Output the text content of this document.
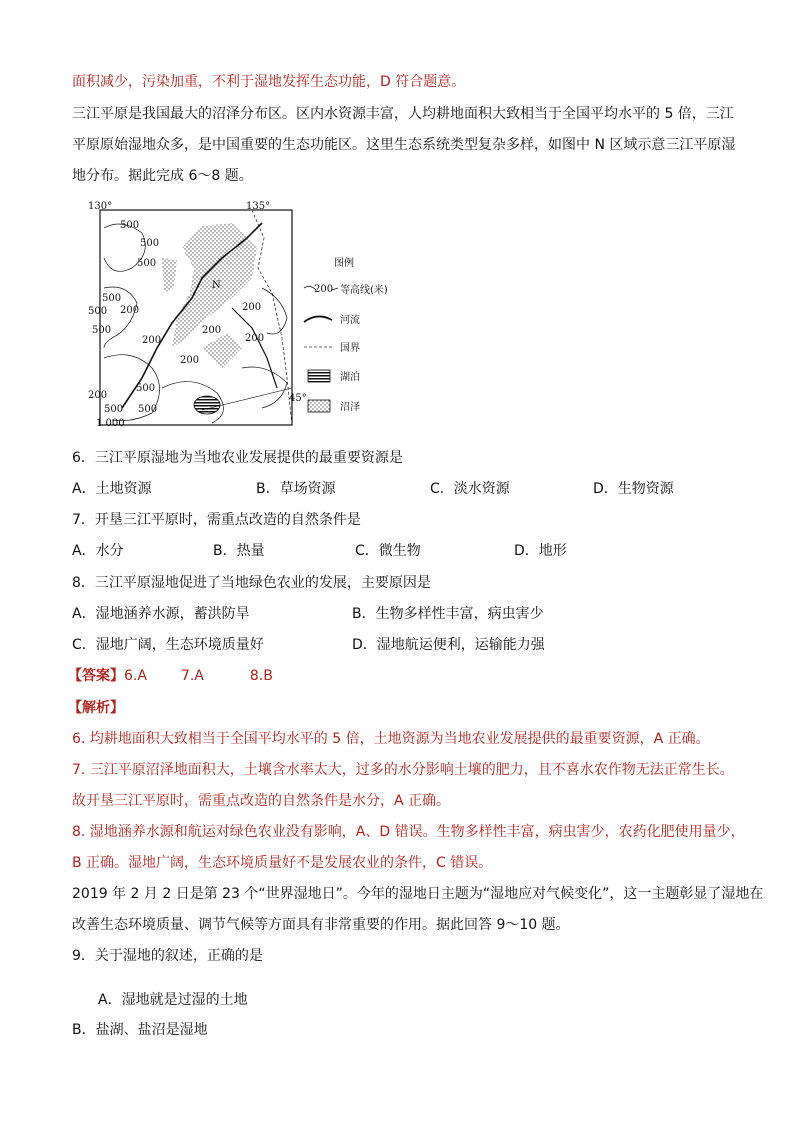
面积减少，污染加重，不利于湿地发挥生态功能，D 符合题意。
三江平原是我国最大的沼泽分布区。区内水资源丰富，人均耕地面积大致相当于全国平均水平的 5 倍，三江
平原原始湿地众多，是中国重要的生态功能区。这里生态系统类型复杂多样，如图中 N 区域示意三江平原湿
地分布。据此完成 6～8 题。
130°	135°
45°
N
500
500
500
500
500
500
200
200
200
200
200
200
200
500
500 500
1 000
图例
200 等高线(米)
河流
国界
湖泊
沼泽
6．三江平原湿地为当地农业发展提供的最重要资源是
A．土地资源	B．草场资源	C．淡水资源	D．生物资源
7．开垦三江平原时，需重点改造的自然条件是
A．水分	B．热量	C．微生物	D．地形
8．三江平原湿地促进了当地绿色农业的发展，主要原因是
A．湿地涵养水源，蓄洪防旱	B．生物多样性丰富，病虫害少
C．湿地广阔，生态环境质量好	D．湿地航运便利，运输能力强
【答案】6.A 7.A	8.B
【解析】
6. 均耕地面积大致相当于全国平均水平的 5 倍，土地资源为当地农业发展提供的最重要资源，A 正确。
7. 三江平原沼泽地面积大，土壤含水率太大，过多的水分影响土壤的肥力，且不喜水农作物无法正常生长。
故开垦三江平原时，需重点改造的自然条件是水分，A 正确。
8. 湿地涵养水源和航运对绿色农业没有影响，A、D 错误。生物多样性丰富，病虫害少，农药化肥使用量少，
B 正确。湿地广阔，生态环境质量好不是发展农业的条件，C 错误。
2019 年 2 月 2 日是第 23 个“世界湿地日”。今年的湿地日主题为“湿地应对气候变化”，这一主题彰显了湿地在
改善生态环境质量、调节气候等方面具有非常重要的作用。据此回答 9～10 题。
9．关于湿地的叙述，正确的是
A．湿地就是过湿的土地
B．盐湖、盐沼是湿地
